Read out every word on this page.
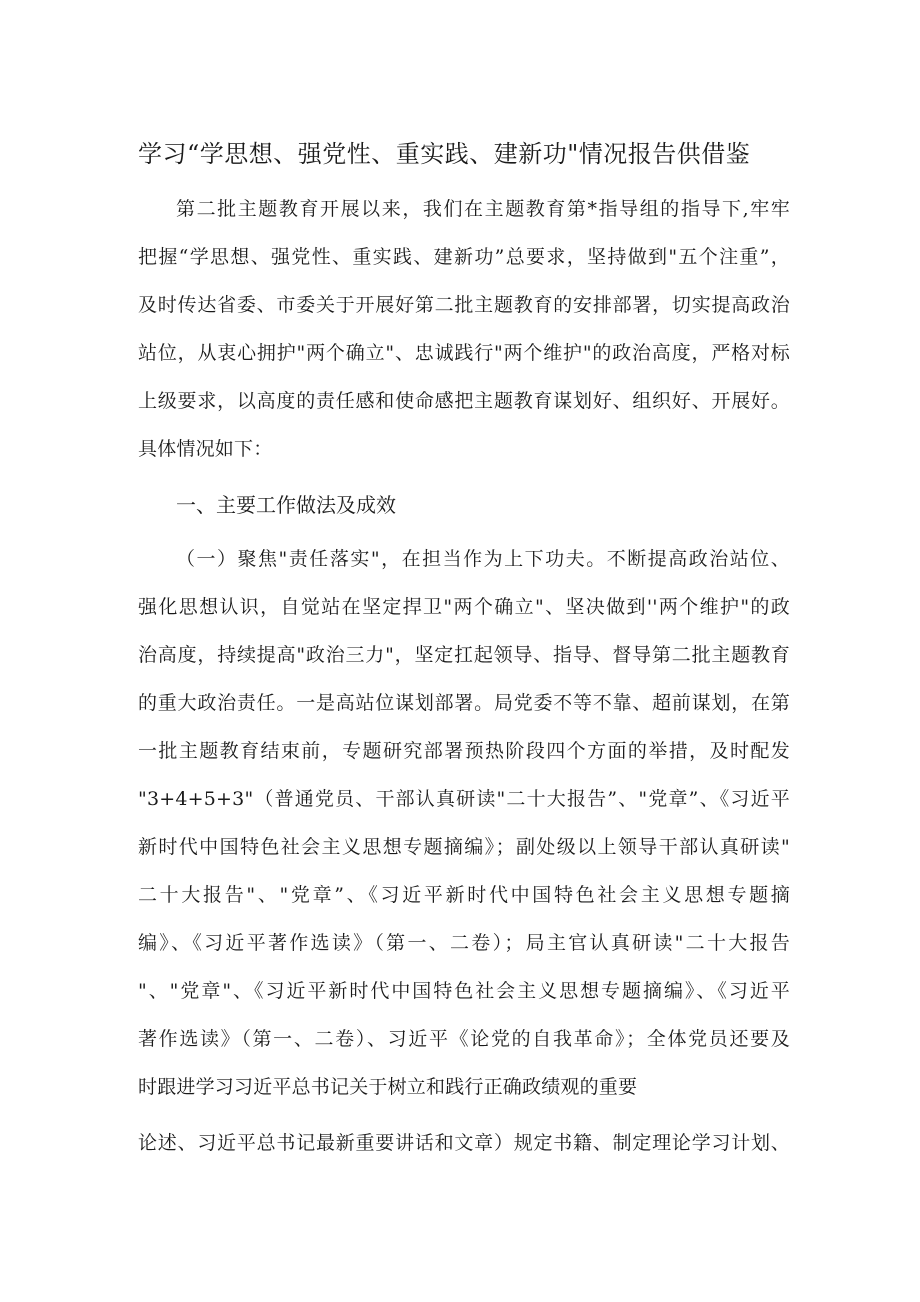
学习“学思想、强党性、重实践、建新功"情况报告供借鉴
第二批主题教育开展以来，我们在主题教育第*指导组的指导下,牢牢
把握“学思想、强党性、重实践、建新功”总要求，坚持做到"五个注重”，
及时传达省委、市委关于开展好第二批主题教育的安排部署，切实提高政治
站位，从衷心拥护"两个确立"、忠诚践行"两个维护"的政治高度，严格对标
上级要求，以高度的责任感和使命感把主题教育谋划好、组织好、开展好。
具体情况如下：
一、主要工作做法及成效
（一）聚焦"责任落实"，在担当作为上下功夫。不断提高政治站位、
强化思想认识，自觉站在坚定捍卫"两个确立"、坚决做到''两个维护"的政
治高度，持续提高"政治三力"，坚定扛起领导、指导、督导第二批主题教育
的重大政治责任。一是高站位谋划部署。局党委不等不靠、超前谋划，在第
一批主题教育结束前，专题研究部署预热阶段四个方面的举措，及时配发
"3+4+5+3"（普通党员、干部认真研读"二十大报告”、"党章”、《习近平
新时代中国特色社会主义思想专题摘编》；副处级以上领导干部认真研读"
二十大报告"、"党章”、《习近平新时代中国特色社会主义思想专题摘
编》、《习近平著作选读》（第一、二卷）；局主官认真研读"二十大报告
"、"党章"、《习近平新时代中国特色社会主义思想专题摘编》、《习近平
著作选读》（第一、二卷）、习近平《论党的自我革命》；全体党员还要及
时跟进学习习近平总书记关于树立和践行正确政绩观的重要
论述、习近平总书记最新重要讲话和文章）规定书籍、制定理论学习计划、
